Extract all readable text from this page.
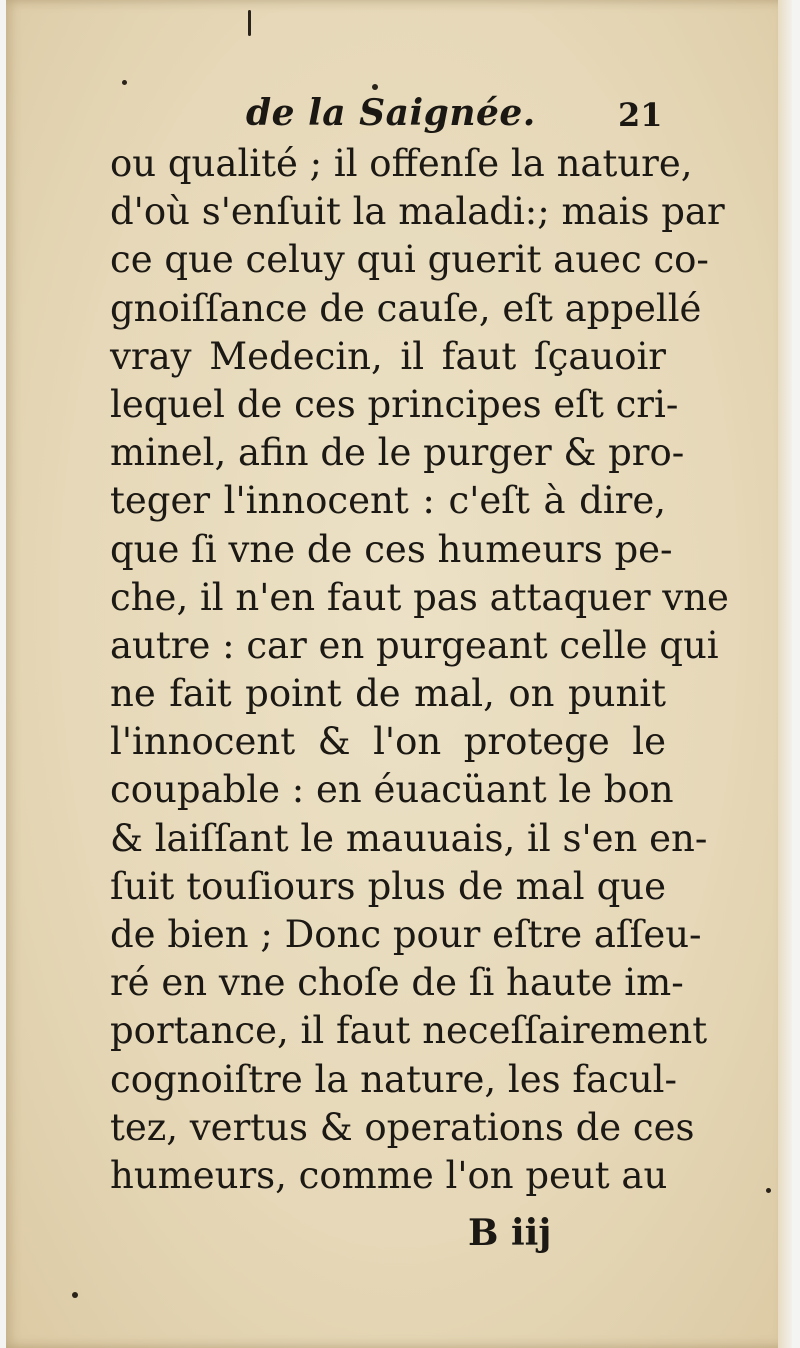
de la Saignée.	21
ou qualité ; il offenſe la nature,
d'où s'enſuit la maladi:; mais par
ce que celuy qui guerit auec co-
gnoiſſance de cauſe, eſt appellé
vray Medecin, il faut ſçauoir
lequel de ces principes eſt cri-
minel, afin de le purger & pro-
teger l'innocent : c'eſt à dire,
que ſi vne de ces humeurs pe-
che, il n'en faut pas attaquer vne
autre : car en purgeant celle qui
ne fait point de mal, on punit
l'innocent & l'on protege le
coupable : en éuacüant le bon
& laiſſant le mauuais, il s'en en-
ſuit touſiours plus de mal que
de bien ; Donc pour eſtre aſſeu-
ré en vne choſe de ſi haute im-
portance, il faut neceſſairement
cognoiſtre la nature, les facul-
tez, vertus & operations de ces
humeurs, comme l'on peut au
B iij
